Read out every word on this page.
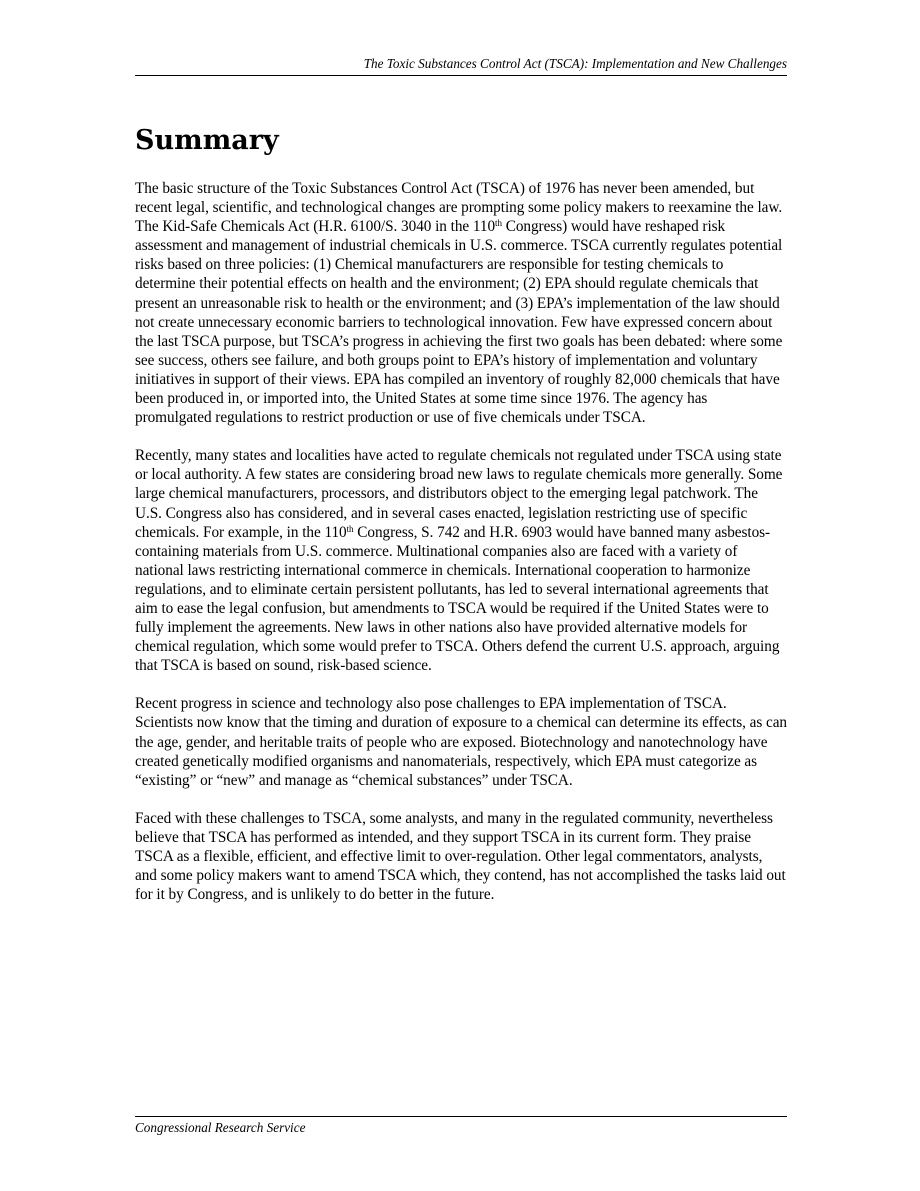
The Toxic Substances Control Act (TSCA): Implementation and New Challenges
Summary

The basic structure of the Toxic Substances Control Act (TSCA) of 1976 has never been amended, but recent legal, scientific, and technological changes are prompting some policy makers to reexamine the law. The Kid-Safe Chemicals Act (H.R. 6100/S. 3040 in the 110th Congress) would have reshaped risk assessment and management of industrial chemicals in U.S. commerce. TSCA currently regulates potential risks based on three policies: (1) Chemical manufacturers are responsible for testing chemicals to determine their potential effects on health and the environment; (2) EPA should regulate chemicals that present an unreasonable risk to health or the environment; and (3) EPA’s implementation of the law should not create unnecessary economic barriers to technological innovation. Few have expressed concern about the last TSCA purpose, but TSCA’s progress in achieving the first two goals has been debated: where some see success, others see failure, and both groups point to EPA’s history of implementation and voluntary initiatives in support of their views. EPA has compiled an inventory of roughly 82,000 chemicals that have been produced in, or imported into, the United States at some time since 1976. The agency has promulgated regulations to restrict production or use of five chemicals under TSCA.

Recently, many states and localities have acted to regulate chemicals not regulated under TSCA using state or local authority. A few states are considering broad new laws to regulate chemicals more generally. Some large chemical manufacturers, processors, and distributors object to the emerging legal patchwork. The U.S. Congress also has considered, and in several cases enacted, legislation restricting use of specific chemicals. For example, in the 110th Congress, S. 742 and H.R. 6903 would have banned many asbestos-containing materials from U.S. commerce. Multinational companies also are faced with a variety of national laws restricting international commerce in chemicals. International cooperation to harmonize regulations, and to eliminate certain persistent pollutants, has led to several international agreements that aim to ease the legal confusion, but amendments to TSCA would be required if the United States were to fully implement the agreements. New laws in other nations also have provided alternative models for chemical regulation, which some would prefer to TSCA. Others defend the current U.S. approach, arguing that TSCA is based on sound, risk-based science.

Recent progress in science and technology also pose challenges to EPA implementation of TSCA. Scientists now know that the timing and duration of exposure to a chemical can determine its effects, as can the age, gender, and heritable traits of people who are exposed. Biotechnology and nanotechnology have created genetically modified organisms and nanomaterials, respectively, which EPA must categorize as “existing” or “new” and manage as “chemical substances” under TSCA.

Faced with these challenges to TSCA, some analysts, and many in the regulated community, nevertheless believe that TSCA has performed as intended, and they support TSCA in its current form. They praise TSCA as a flexible, efficient, and effective limit to over-regulation. Other legal commentators, analysts, and some policy makers want to amend TSCA which, they contend, has not accomplished the tasks laid out for it by Congress, and is unlikely to do better in the future.

Congressional Research Service
